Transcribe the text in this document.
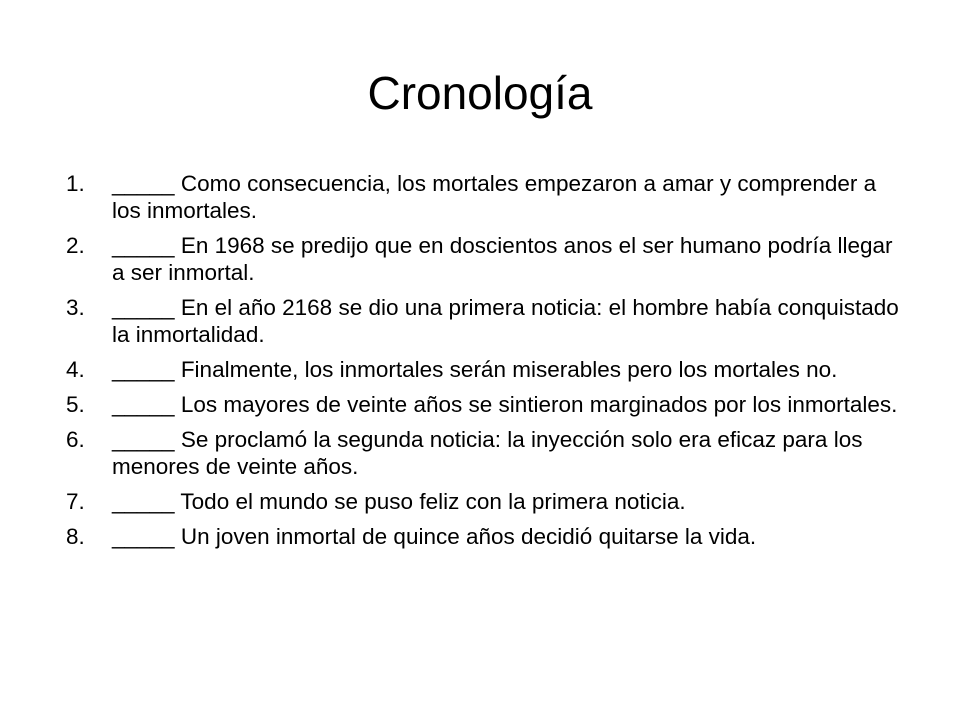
Cronología
1.	_____ Como consecuencia, los mortales empezaron a amar y comprender a los inmortales.
2.	_____ En 1968 se predijo que en doscientos anos el ser humano podría llegar a ser inmortal.
3.	_____ En el año 2168 se dio una primera noticia: el hombre había conquistado la inmortalidad.
4.	_____ Finalmente, los inmortales serán miserables pero los mortales no.
5.	_____ Los mayores de veinte años se sintieron marginados por los inmortales.
6.	_____ Se proclamó la segunda noticia: la inyección solo era eficaz para los menores de veinte años.
7.	_____ Todo el mundo se puso feliz con la primera noticia.
8.	_____ Un joven inmortal de quince años decidió quitarse la vida.
